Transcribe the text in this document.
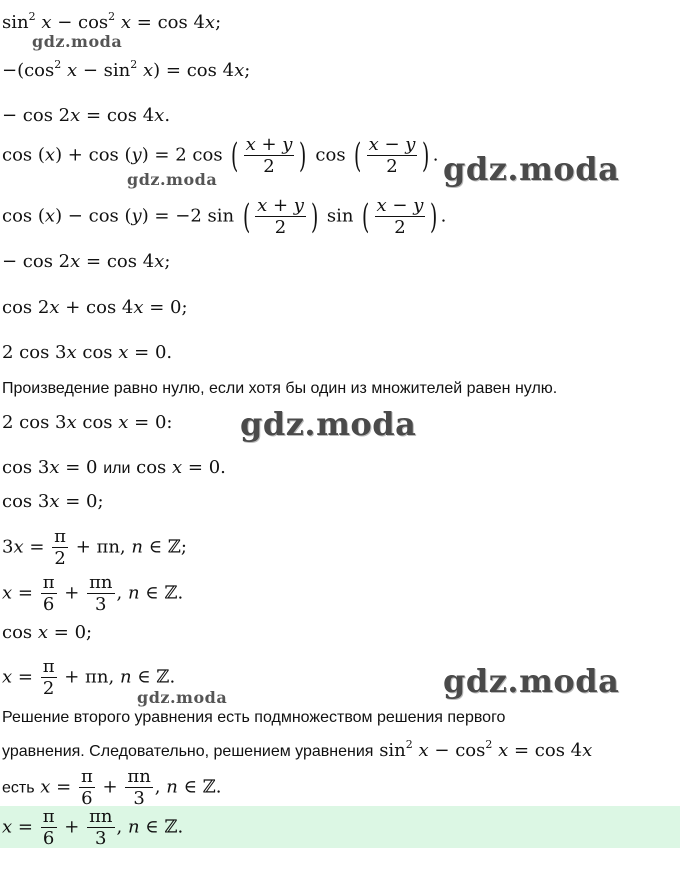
$\sin^2 x - \cos^2 x = \cos 4x$;
gdz.moda
$-(\cos^2$ $x - \sin^2 x) = \cos 4x$;
− cos 2x = cos 4x.
cos (x) + cos (y) = 2 cos ( $\frac{x + y}{2}$ ) cos ( $\frac{x - y}{2}$ ) .
gdz.moda	gdz.moda
cos (x) − cos (y) = −2 sin ( $\frac{x + y}{2}$ ) sin ( $\frac{x - y}{2}$ ) .
− cos 2x = cos 4x;
cos 2x + cos 4x = 0;
2 cos 3x cos x = 0.
Произведение равно нулю, если хотя бы один из множителей равен нулю.
2 cos 3x cos x = 0: gdz.moda
cos 3x = 0 или cos x = 0.
cos 3x = 0;
$3x = \frac{\pi}{2} + \pi n$, n ∈ ℤ;
$x = \frac{\pi}{6} + \frac{\pi n}{3}$ , n ∈ ℤ.
cos x = 0;
$x = \frac{\pi}{2} + \pi n$, n ∈ ℤ.
gdz.moda	gdz.moda
Решение второго уравнения есть подмножеством решения первого
уравнения. Следовательно, решением уравнения $\sin^2 x - \cos^2 x = \cos 4x$
есть $x = \frac{\pi}{6} + \frac{\pi n}{3}$ , n ∈ ℤ.
$x = \frac{\pi}{6} + \frac{\pi n}{3}$ , n ∈ ℤ.
